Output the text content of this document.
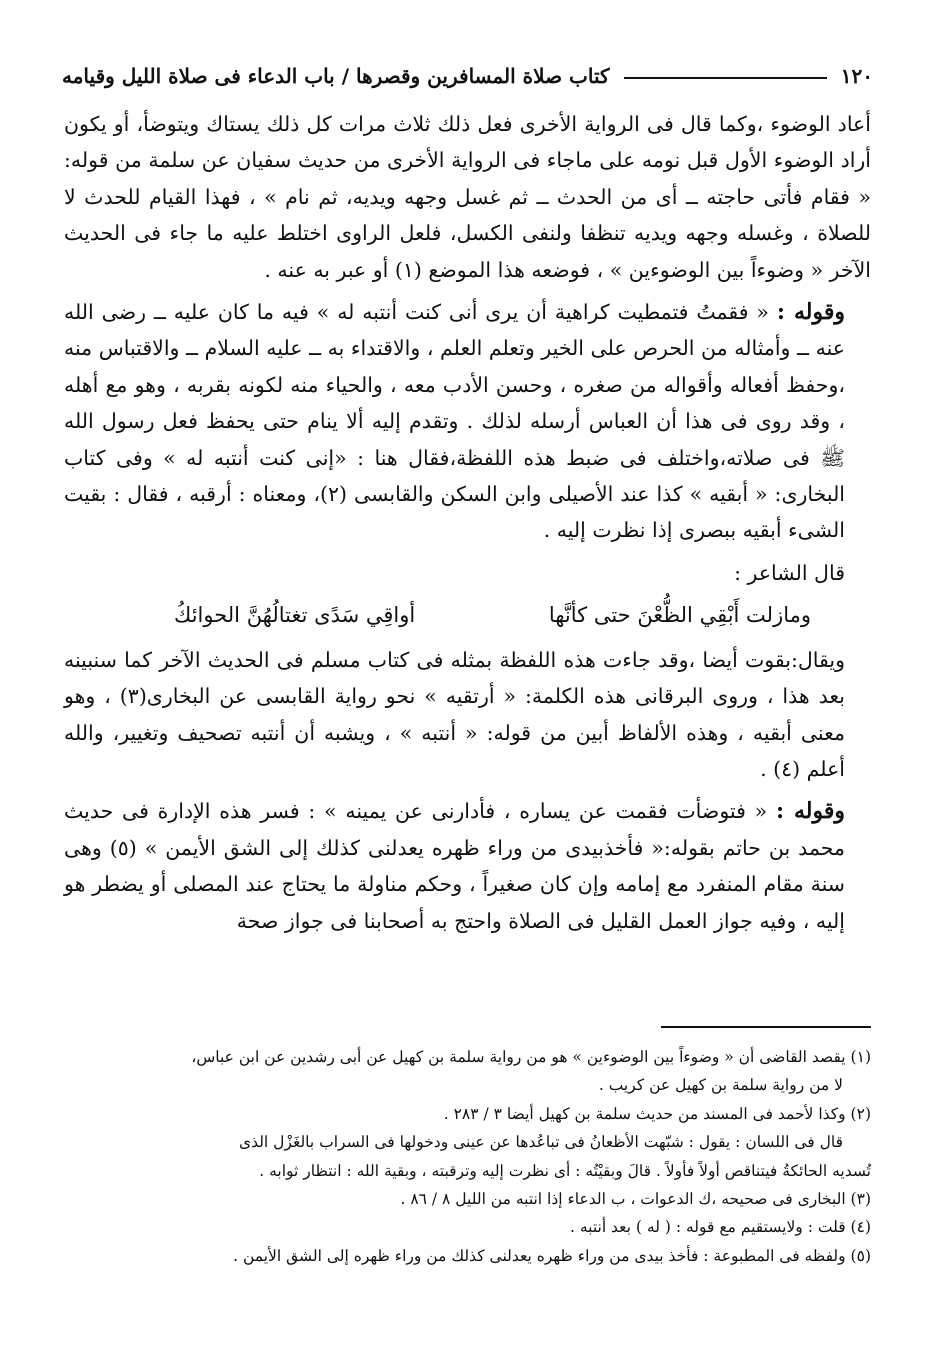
١٢٠
كتاب صلاة المسافرين وقصرها / باب الدعاء فى صلاة الليل وقيامه

أعاد الوضوء ،وكما قال فى الرواية الأخرى فعل ذلك ثلاث مرات كل ذلك يستاك ويتوضأ، أو يكون أراد الوضوء الأول قبل نومه على ماجاء فى الرواية الأخرى من حديث سفيان عن سلمة من قوله: « فقام فأتى حاجته ــ أى من الحدث ــ ثم غسل وجهه ويديه، ثم نام » ، فهذا القيام للحدث لا للصلاة ، وغسله وجهه ويديه تنظفا ولنفى الكسل، فلعل الراوى اختلط عليه ما جاء فى الحديث الآخر « وضوءاً بين الوضوءين » ، فوضعه هذا الموضع (١) أو عبر به عنه .

وقوله : « فقمتُ فتمطيت كراهية أن يرى أنى كنت أنتبه له » فيه ما كان عليه ــ رضى الله عنه ــ وأمثاله من الحرص على الخير وتعلم العلم ، والاقتداء به ــ عليه السلام ــ والاقتباس منه ،وحفظ أفعاله وأقواله من صغره ، وحسن الأدب معه ، والحياء منه لكونه بقربه ، وهو مع أهله ، وقد روى فى هذا أن العباس أرسله لذلك . وتقدم إليه ألا ينام حتى يحفظ فعل رسول الله ﷺ فى صلاته،واختلف فى ضبط هذه اللفظة،فقال هنا : «إنى كنت أنتبه له » وفى كتاب البخارى: « أبقيه » كذا عند الأصيلى وابن السكن والقابسى (٢)، ومعناه : أرقبه ، فقال : بقيت الشىء أبقيه ببصرى إذا نظرت إليه .

قال الشاعر :

ومازلت أَبْقِي الظُّعْنَ حتى كأنَّها
أواقِي سَدًى تغتالُهُنَّ الحوائكُ

ويقال:بقوت أيضا ،وقد جاءت هذه اللفظة بمثله فى كتاب مسلم فى الحديث الآخر كما سنبينه بعد هذا ، وروى البرقانى هذه الكلمة: « أرتقيه » نحو رواية القابسى عن البخارى(٣) ، وهو معنى أبقيه ، وهذه الألفاظ أبين من قوله: « أنتبه » ، ويشبه أن أنتبه تصحيف وتغيير، والله أعلم (٤) .

وقوله : « فتوضأت فقمت عن يساره ، فأدارنى عن يمينه » : فسر هذه الإدارة فى حديث محمد بن حاتم بقوله:« فأخذبيدى من وراء ظهره يعدلنى كذلك إلى الشق الأيمن » (٥) وهى سنة مقام المنفرد مع إمامه وإن كان صغيراً ، وحكم مناولة ما يحتاج عند المصلى أو يضطر هو إليه ، وفيه جواز العمل القليل فى الصلاة واحتج به أصحابنا فى جواز صحة

(١) يقصد القاضى أن « وضوءاً بين الوضوءين » هو من رواية سلمة بن كهيل عن أبى رشدين عن ابن عباس،

لا من رواية سلمة بن كهيل عن كريب .

(٢) وكذا لأحمد فى المسند من حديث سلمة بن كهيل أيضا ٣ / ٢٨٣ .

قال فى اللسان : يقول : شبّهت الأظعانُ فى تباعُدها عن عينى ودخولها فى السراب بالغَزْل الذى

تُسديه الحائكةُ فيتناقص أولاً فأولاً . قالَ وبقيْتُه : أى نظرت إليه وترقبته ، وبقية الله : انتظار ثوابه .

(٣) البخارى فى صحيحه ،ك الدعوات ، ب الدعاء إذا انتبه من الليل ٨ / ٨٦ .

(٤) قلت : ولايستقيم مع قوله : ( له ) بعد أنتبه .

(٥) ولفظه فى المطبوعة : فأخذ بيدى من وراء ظهره يعدلنى كذلك من وراء ظهره إلى الشق الأيمن .
